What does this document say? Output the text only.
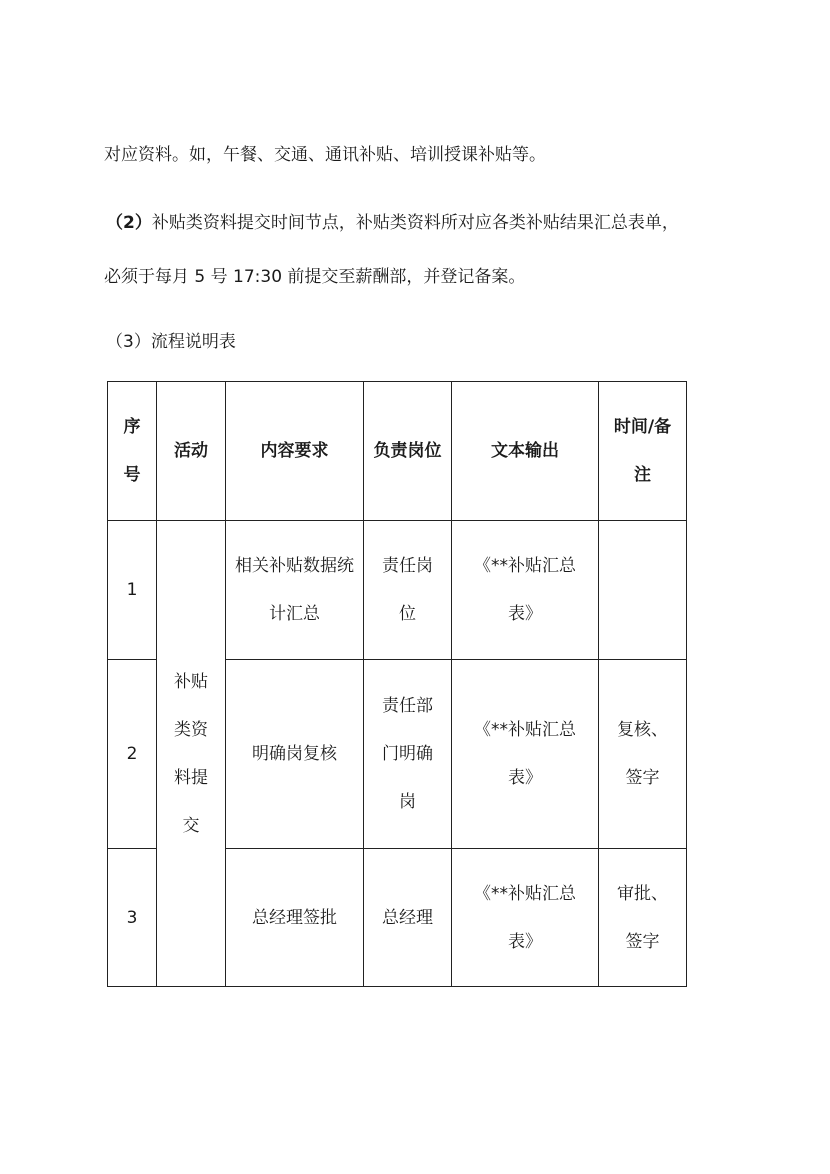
对应资料。如，午餐、交通、通讯补贴、培训授课补贴等。

（2）补贴类资料提交时间节点，补贴类资料所对应各类补贴结果汇总表单，

必须于每月 5 号 17:30 前提交至薪酬部，并登记备案。

（3）流程说明表

序号	活动	内容要求	负责岗位	文本输出	时间/备注
1	补贴类资料提交	相关补贴数据统计汇总	责任岗位	《**补贴汇总表》	
2		明确岗复核	责任部门明确岗	《**补贴汇总表》	复核、签字
3		总经理签批	总经理	《**补贴汇总表》	审批、签字
